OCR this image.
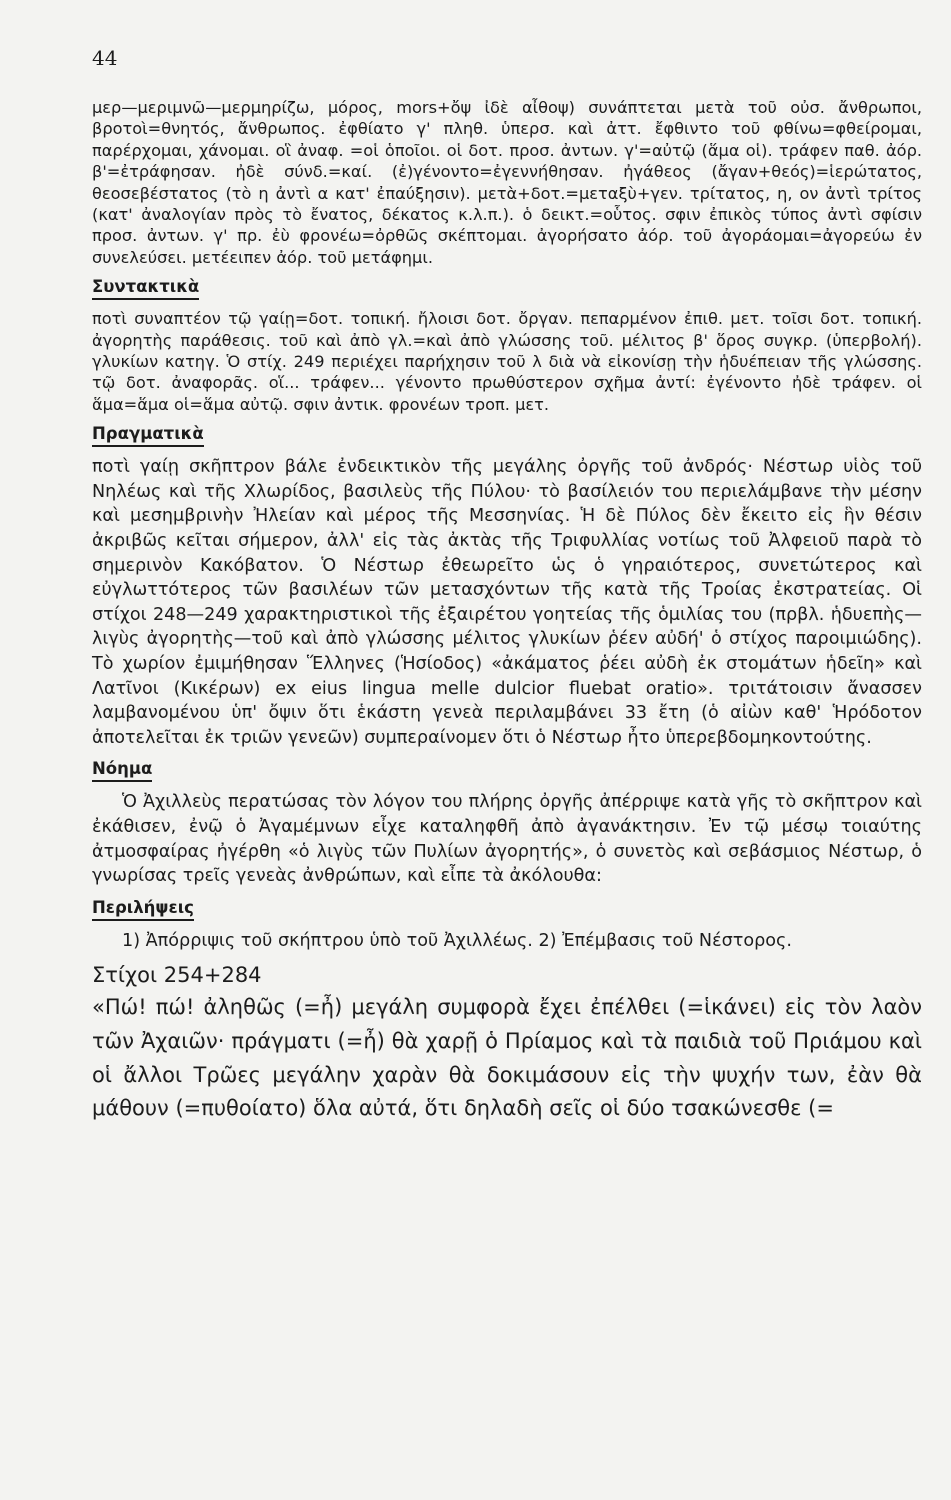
44

μερ—μεριμνῶ—μερμηρίζω, μόρος, mors+ὄψ ἰδὲ αἶθοψ) συνάπτεται μετὰ τοῦ οὐσ. ἄνθρωποι, βροτοὶ=θνητός, ἄνθρωπος. ἐφθίατο γ' πληθ. ὑπερσ. καὶ ἀττ. ἔφθιντο τοῦ φθίνω=φθείρομαι, παρέρχομαι, χάνομαι. οἳ ἀναφ. =οἱ ὁποῖοι. οἱ δοτ. προσ. ἀντων. γ'=αὐτῷ (ἅμα οἱ). τράφεν παθ. ἀόρ. β'=ἐτράφησαν. ἠδὲ σύνδ.=καί. (ἐ)γένοντο=ἐγεννήθησαν. ἠγάθεος (ἄγαν+θεός)=ἱερώτατος, θεοσεβέστατος (τὸ η ἀντὶ α κατ' ἐπαύξησιν). μετὰ+δοτ.=μεταξὺ+γεν. τρίτατος, η, ον ἀντὶ τρίτος (κατ' ἀναλογίαν πρὸς τὸ ἔνατος, δέκατος κ.λ.π.). ὁ δεικτ.=οὗτος. σφιν ἐπικὸς τύπος ἀντὶ σφίσιν προσ. ἀντων. γ' πρ. ἐὺ φρονέω=ὀρθῶς σκέπτομαι. ἀγορήσατο ἀόρ. τοῦ ἀγοράομαι=ἀγορεύω ἐν συνελεύσει. μετέειπεν ἀόρ. τοῦ μετάφημι.

Συντακτικὰ

ποτὶ συναπτέον τῷ γαίῃ=δοτ. τοπική. ἤλοισι δοτ. ὄργαν. πεπαρμένον ἐπιθ. μετ. τοῖσι δοτ. τοπική. ἀγορητὴς παράθεσις. τοῦ καὶ ἀπὸ γλ.=καὶ ἀπὸ γλώσσης τοῦ. μέλιτος β' ὅρος συγκρ. (ὑπερβολή). γλυκίων κατηγ. Ὁ στίχ. 249 περιέχει παρήχησιν τοῦ λ διὰ νὰ εἰκονίσῃ τὴν ἡδυέπειαν τῆς γλώσσης. τῷ δοτ. ἀναφορᾶς. οἵ... τράφεν... γένοντο πρωθύστερον σχῆμα ἀντί: ἐγένοντο ἠδὲ τράφεν. οἱ ἅμα=ἅμα οἱ=ἅμα αὐτῷ. σφιν ἀντικ. φρονέων τροπ. μετ.

Πραγματικὰ

ποτὶ γαίῃ σκῆπτρον βάλε ἐνδεικτικὸν τῆς μεγάλης ὀργῆς τοῦ ἀνδρός· Νέστωρ υἱὸς τοῦ Νηλέως καὶ τῆς Χλωρίδος, βασιλεὺς τῆς Πύλου· τὸ βασίλειόν του περιελάμβανε τὴν μέσην καὶ μεσημβρινὴν Ἠλείαν καὶ μέρος τῆς Μεσσηνίας. Ἡ δὲ Πύλος δὲν ἔκειτο εἰς ἣν θέσιν ἀκριβῶς κεῖται σήμερον, ἀλλ' εἰς τὰς ἀκτὰς τῆς Τριφυλλίας νοτίως τοῦ Ἀλφειοῦ παρὰ τὸ σημερινὸν Κακόβατον. Ὁ Νέστωρ ἐθεωρεῖτο ὡς ὁ γηραιότερος, συνετώτερος καὶ εὐγλωττότερος τῶν βασιλέων τῶν μετασχόντων τῆς κατὰ τῆς Τροίας ἐκστρατείας. Οἱ στίχοι 248—249 χαρακτηριστικοὶ τῆς ἐξαιρέτου γοητείας τῆς ὁμιλίας του (πρβλ. ἡδυεπὴς—λιγὺς ἀγορητὴς—τοῦ καὶ ἀπὸ γλώσσης μέλιτος γλυκίων ῥέεν αὐδή' ὁ στίχος παροιμιώδης). Τὸ χωρίον ἐμιμήθησαν Ἕλληνες (Ἡσίοδος) «ἀκάματος ῥέει αὐδὴ ἐκ στομάτων ἡδεῖη» καὶ Λατῖνοι (Κικέρων) ex eius lingua melle dulcior fluebat oratio». τριτάτοισιν ἄνασσεν λαμβανομένου ὑπ' ὄψιν ὅτι ἑκάστη γενεὰ περιλαμβάνει 33 ἔτη (ὁ αἰὼν καθ' Ἡρόδοτον ἀποτελεῖται ἐκ τριῶν γενεῶν) συμπεραίνομεν ὅτι ὁ Νέστωρ ἦτο ὑπερεβδομηκοντούτης.

Νόημα

Ὁ Ἀχιλλεὺς περατώσας τὸν λόγον του πλήρης ὀργῆς ἀπέρριψε κατὰ γῆς τὸ σκῆπτρον καὶ ἐκάθισεν, ἐνῷ ὁ Ἀγαμέμνων εἶχε καταληφθῆ ἀπὸ ἀγανάκτησιν. Ἐν τῷ μέσῳ τοιαύτης ἀτμοσφαίρας ἠγέρθη «ὁ λιγὺς τῶν Πυλίων ἀγορητής», ὁ συνετὸς καὶ σεβάσμιος Νέστωρ, ὁ γνωρίσας τρεῖς γενεὰς ἀνθρώπων, καὶ εἶπε τὰ ἀκόλουθα:

Περιλήψεις

1) Ἀπόρριψις τοῦ σκήπτρου ὑπὸ τοῦ Ἀχιλλέως. 2) Ἐπέμβασις τοῦ Νέστορος.

Στίχοι 254+284

«Πώ! πώ! ἀληθῶς (=ἦ) μεγάλη συμφορὰ ἔχει ἐπέλθει (=ἱκάνει) εἰς τὸν λαὸν τῶν Ἀχαιῶν· πράγματι (=ἦ) θὰ χαρῇ ὁ Πρίαμος καὶ τὰ παιδιὰ τοῦ Πριάμου καὶ οἱ ἄλλοι Τρῶες μεγάλην χαρὰν θὰ δοκιμάσουν εἰς τὴν ψυχήν των, ἐὰν θὰ μάθουν (=πυθοίατο) ὅλα αὐτά, ὅτι δηλαδὴ σεῖς οἱ δύο τσακώνεσθε (=
